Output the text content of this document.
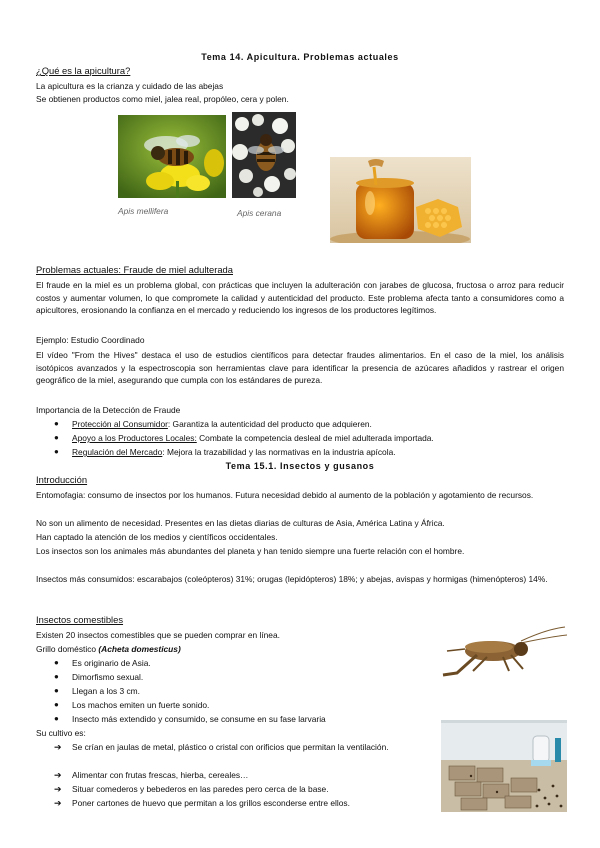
Tema 14. Apicultura. Problemas actuales
¿Qué es la apicultura?

La apicultura es la crianza y cuidado de las abejas

Se obtienen productos como miel, jalea real, propóleo, cera y polen.

Apis mellifera	Apis cerana
Problemas actuales: Fraude de miel adulterada
El fraude en la miel es un problema global, con prácticas que incluyen la adulteración con jarabes de glucosa, fructosa o arroz para reducir costos y aumentar volumen, lo que compromete la calidad y autenticidad del producto. Este problema afecta tanto a consumidores como a apicultores, erosionando la confianza en el mercado y reduciendo los ingresos de los productores legítimos.
Ejemplo: Estudio Coordinado
El vídeo "From the Hives" destaca el uso de estudios científicos para detectar fraudes alimentarios. En el caso de la miel, los análisis isotópicos avanzados y la espectroscopia son herramientas clave para identificar la presencia de azúcares añadidos y rastrear el origen geográfico de la miel, asegurando que cumpla con los estándares de pureza.
Importancia de la Detección de Fraude
● Protección al Consumidor: Garantiza la autenticidad del producto que adquieren.
● Apoyo a los Productores Locales: Combate la competencia desleal de miel adulterada importada.
● Regulación del Mercado: Mejora la trazabilidad y las normativas en la industria apícola.
Tema 15.1. Insectos y gusanos
Introducción
Entomofagia: consumo de insectos por los humanos. Futura necesidad debido al aumento de la población y agotamiento de recursos.
No son un alimento de necesidad. Presentes en las dietas diarias de culturas de Asia, América Latina y África.
Han captado la atención de los medios y científicos occidentales.
Los insectos son los animales más abundantes del planeta y han tenido siempre una fuerte relación con el hombre.
Insectos más consumidos: escarabajos (coleópteros) 31%; orugas (lepidópteros) 18%; y abejas, avispas y hormigas (himenópteros) 14%.
Insectos comestibles
Existen 20 insectos comestibles que se pueden comprar en línea.
Grillo doméstico (Acheta domesticus)
● Es originario de Asia.
● Dimorfismo sexual.
● Llegan a los 3 cm.
● Los machos emiten un fuerte sonido.
● Insecto más extendido y consumido, se consume en su fase larvaria
Su cultivo es:
➔ Se crían en jaulas de metal, plástico o cristal con orificios que permitan la ventilación.
➔ Alimentar con frutas frescas, hierba, cereales…
➔ Situar comederos y bebederos en las paredes pero cerca de la base.
➔ Poner cartones de huevo que permitan a los grillos esconderse entre ellos.
